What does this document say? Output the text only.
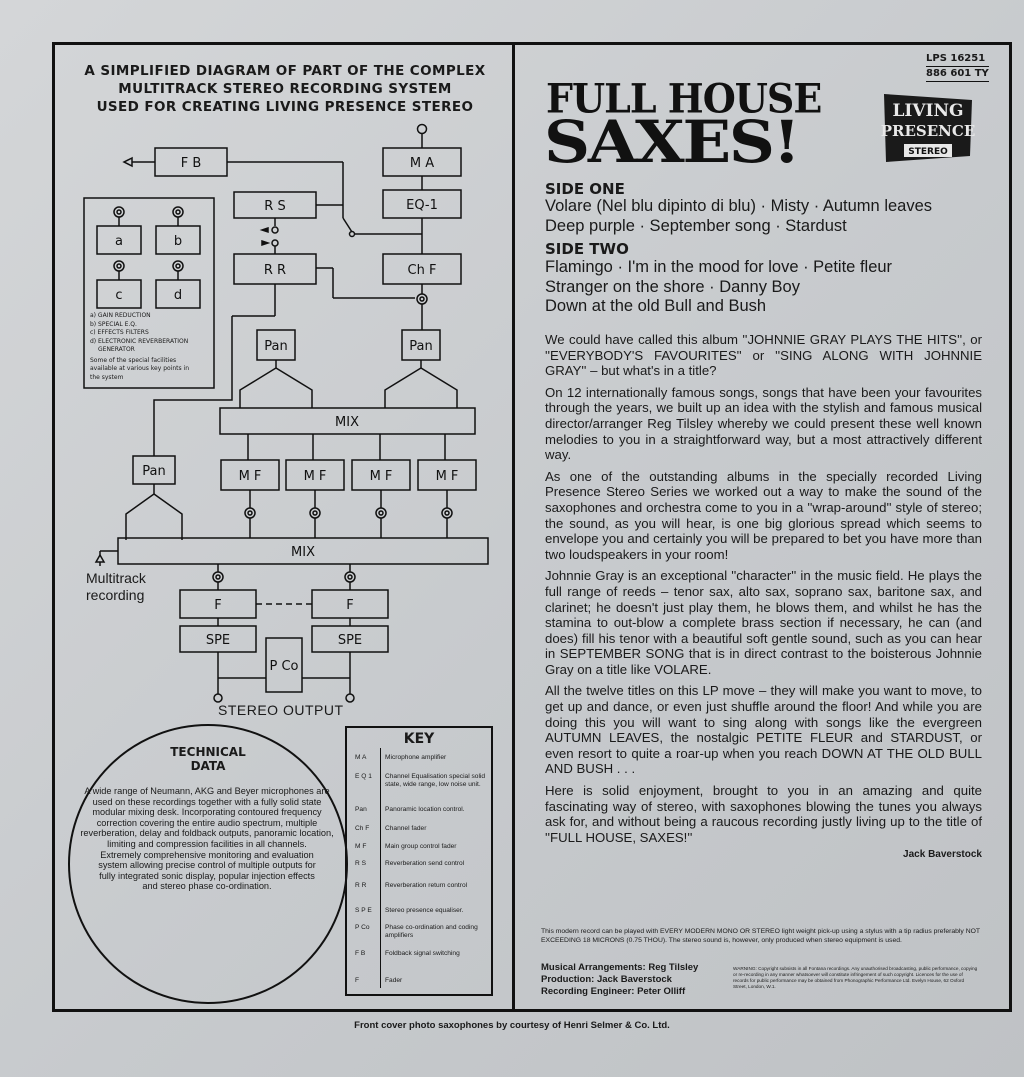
A SIMPLIFIED DIAGRAM OF PART OF THE COMPLEX
MULTITRACK STEREO RECORDING SYSTEM
USED FOR CREATING LIVING PRESENCE STEREO
F B	M A
EQ-1
R S
R R	Ch F
Pan	Pan
MIX
Pan	M F	M F	M F	M F
MIX
F	F
SPE	SPE
P Co
a	b
c	d
a) GAIN REDUCTION
b) SPECIAL E.Q.
c) EFFECTS FILTERS
d) ELECTRONIC REVERBERATION
GENERATOR
Some of the special facilities available at various key points in the system
Multitrack
recording
STEREO OUTPUT
TECHNICAL
DATA
A wide range of Neumann, AKG and Beyer microphones are used on these recordings together with a fully solid state modular mixing desk. Incorporating contoured frequency correction covering the entire audio spectrum, multiple reverberation, delay and foldback outputs, panoramic location, limiting and compression facilities in all channels.
Extremely comprehensive monitoring and evaluation system allowing precise control of multiple outputs for fully integrated sonic display, popular injection effects and stereo phase co-ordination.
KEY
M A	Microphone amplifier
E Q 1	Channel Equalisation special solid state, wide range, low noise unit.
Pan	Panoramic location control.
Ch F	Channel fader
M F	Main group control fader
R S	Reverberation send control
R R	Reverberation return control
S P E	Stereo presence equaliser.
P Co	Phase co-ordination and coding amplifiers
F B	Foldback signal switching
F	Fader
LPS 16251
886 601 TY
FULL HOUSE
SAXES!	LIVING
PRESENCE
STEREO
SIDE ONE
Volare (Nel blu dipinto di blu) · Misty · Autumn leaves
Deep purple · September song · Stardust
SIDE TWO
Flamingo · I'm in the mood for love · Petite fleur
Stranger on the shore · Danny Boy
Down at the old Bull and Bush

We could have called this album ''JOHNNIE GRAY PLAYS THE HITS'', or ''EVERYBODY'S FAVOURITES'' or ''SING ALONG WITH JOHNNIE GRAY'' – but what's in a title?

On 12 internationally famous songs, songs that have been your favourites through the years, we built up an idea with the stylish and famous musical director/arranger Reg Tilsley whereby we could present these well known melodies to you in a straightforward way, but a most attractively different way.

As one of the outstanding albums in the specially recorded Living Presence Stereo Series we worked out a way to make the sound of the saxophones and orchestra come to you in a ''wrap-around'' style of stereo; the sound, as you will hear, is one big glorious spread which seems to envelope you and certainly you will be prepared to bet you have more than two loudspeakers in your room!

Johnnie Gray is an exceptional ''character'' in the music field. He plays the full range of reeds – tenor sax, alto sax, soprano sax, baritone sax, and clarinet; he doesn't just play them, he blows them, and whilst he has the stamina to out-blow a complete brass section if necessary, he can (and does) fill his tenor with a beautiful soft gentle sound, such as you can hear in SEPTEMBER SONG that is in direct contrast to the boisterous Johnnie Gray on a title like VOLARE.

All the twelve titles on this LP move – they will make you want to move, to get up and dance, or even just shuffle around the floor! And while you are doing this you will want to sing along with songs like the evergreen AUTUMN LEAVES, the nostalgic PETITE FLEUR and STARDUST, or even resort to quite a roar-up when you reach DOWN AT THE OLD BULL AND BUSH . . .

Here is solid enjoyment, brought to you in an amazing and quite fascinating way of stereo, with saxophones blowing the tunes you always ask for, and without being a raucous recording justly living up to the title of ''FULL HOUSE, SAXES!''

Jack Baverstock
This modern record can be played with EVERY MODERN MONO OR STEREO light weight pick-up using a stylus with a tip radius preferably NOT EXCEEDING 18 MICRONS (0.75 THOU). The stereo sound is, however, only produced when stereo equipment is used.
Musical Arrangements: Reg Tilsley
Production: Jack Baverstock
Recording Engineer: Peter Olliff
WARNING: Copyright subsists in all Fontana recordings. Any unauthorised broadcasting, public performance, copying or re-recording in any manner whatsoever will constitute infringement of such copyright. Licences for the use of records for public performance may be obtained from Phonographic Performance Ltd. Evelyn House, 62 Oxford Street, London, W.1.
Front cover photo saxophones by courtesy of Henri Selmer & Co. Ltd.
